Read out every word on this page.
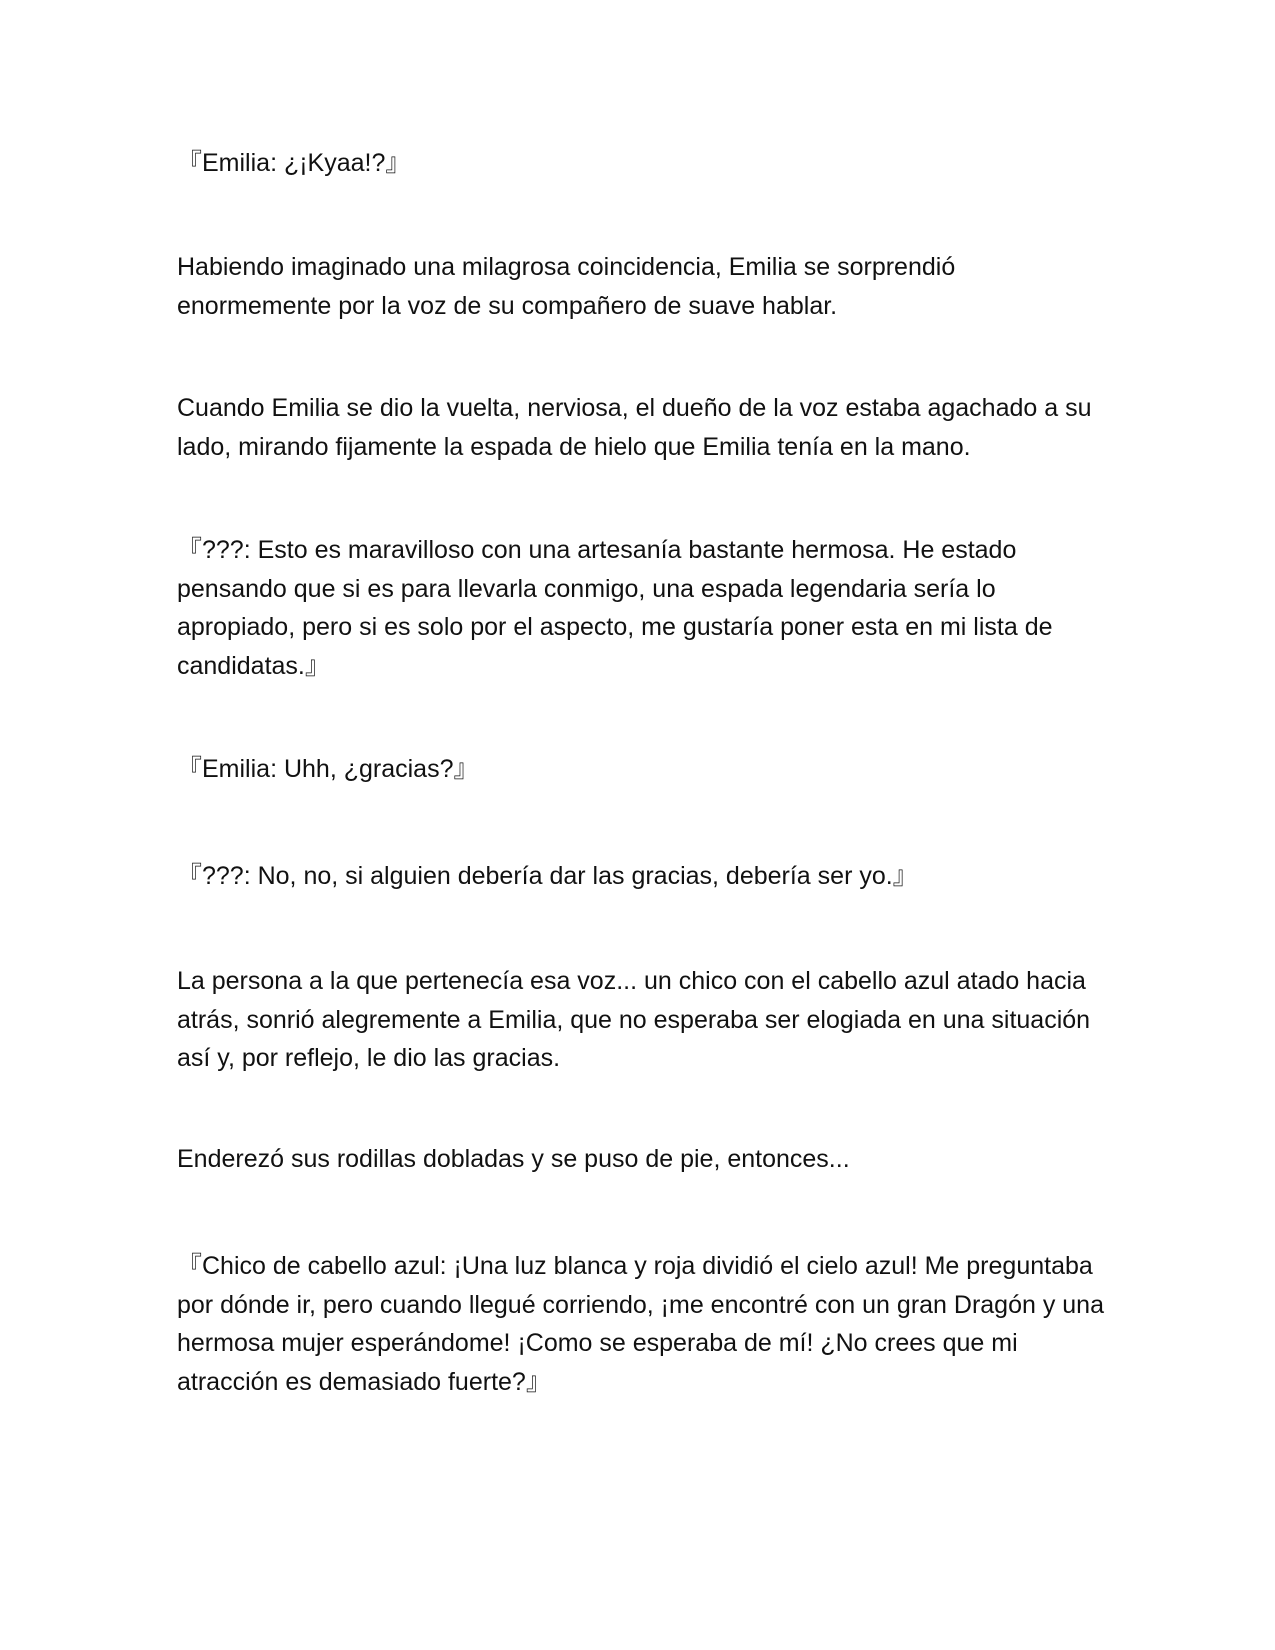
『Emilia: ¿¡Kyaa!?』

Habiendo imaginado una milagrosa coincidencia, Emilia se sorprendió enormemente por la voz de su compañero de suave hablar.

Cuando Emilia se dio la vuelta, nerviosa, el dueño de la voz estaba agachado a su lado, mirando fijamente la espada de hielo que Emilia tenía en la mano.

『???: Esto es maravilloso con una artesanía bastante hermosa. He estado pensando que si es para llevarla conmigo, una espada legendaria sería lo apropiado, pero si es solo por el aspecto, me gustaría poner esta en mi lista de candidatas.』

『Emilia: Uhh, ¿gracias?』

『???: No, no, si alguien debería dar las gracias, debería ser yo.』

La persona a la que pertenecía esa voz... un chico con el cabello azul atado hacia atrás, sonrió alegremente a Emilia, que no esperaba ser elogiada en una situación así y, por reflejo, le dio las gracias.

Enderezó sus rodillas dobladas y se puso de pie, entonces...

『Chico de cabello azul: ¡Una luz blanca y roja dividió el cielo azul! Me preguntaba por dónde ir, pero cuando llegué corriendo, ¡me encontré con un gran Dragón y una hermosa mujer esperándome! ¡Como se esperaba de mí! ¿No crees que mi atracción es demasiado fuerte?』
